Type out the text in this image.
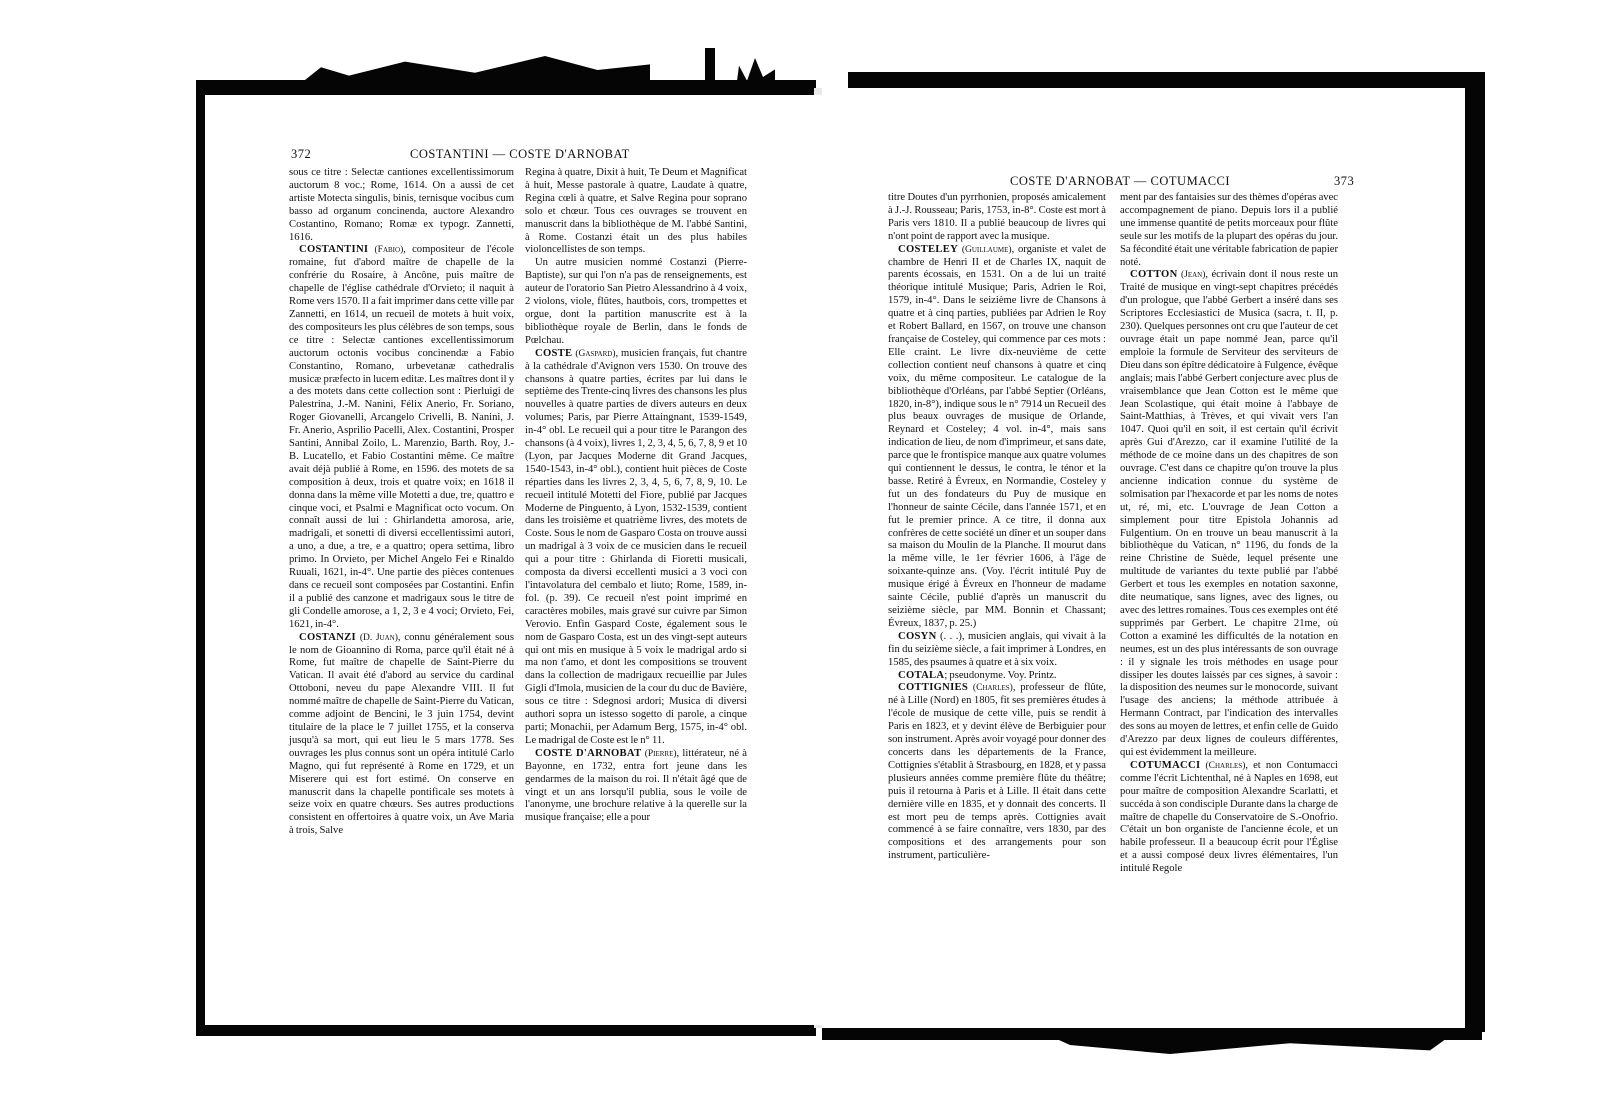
372	COSTANTINI — COSTE D'ARNOBAT

sous ce titre : Selectæ cantiones excellentissimorum auctorum 8 voc.; Rome, 1614. On a aussi de cet artiste Motecta singulis, binis, ternisque vocibus cum basso ad organum concinenda, auctore Alexandro Costantino, Romano; Romæ ex typogr. Zannetti, 1616.

COSTANTINI (Fabio), compositeur de l'école romaine, fut d'abord maître de chapelle de la confrérie du Rosaire, à Ancône, puis maître de chapelle de l'église cathédrale d'Orvieto; il naquit à Rome vers 1570. Il a fait imprimer dans cette ville par Zannetti, en 1614, un recueil de motets à huit voix, des compositeurs les plus célèbres de son temps, sous ce titre : Selectæ cantiones excellentissimorum auctorum octonis vocibus concinendæ a Fabio Constantino, Romano, urbevetanæ cathedralis musicæ præfecto in lucem editæ. Les maîtres dont il y a des motets dans cette collection sont : Pierluigi de Palestrina, J.-M. Nanini, Félix Anerio, Fr. Soriano, Roger Giovanelli, Arcangelo Crivelli, B. Nanini, J. Fr. Anerio, Asprilio Pacelli, Alex. Costantini, Prosper Santini, Annibal Zoilo, L. Marenzio, Barth. Roy, J.-B. Lucatello, et Fabio Costantini même. Ce maître avait déjà publié à Rome, en 1596. des motets de sa composition à deux, trois et quatre voix; en 1618 il donna dans la même ville Motetti a due, tre, quattro e cinque voci, et Psalmi e Magnificat octo vocum. On connaît aussi de lui : Ghirlandetta amorosa, arie, madrigali, et sonetti di diversi eccellentissimi autori, a uno, a due, a tre, e a quattro; opera settima, libro primo. In Orvieto, per Michel Angelo Fei e Rinaldo Ruuali, 1621, in-4°. Une partie des pièces contenues dans ce recueil sont composées par Costantini. Enfin il a publié des canzone et madrigaux sous le titre de gli Condelle amorose, a 1, 2, 3 e 4 voci; Orvieto, Fei, 1621, in-4°.

COSTANZI (D. Juan), connu généralement sous le nom de Gioannino di Roma, parce qu'il était né à Rome, fut maître de chapelle de Saint-Pierre du Vatican. Il avait été d'abord au service du cardinal Ottoboni, neveu du pape Alexandre VIII. Il fut nommé maître de chapelle de Saint-Pierre du Vatican, comme adjoint de Bencini, le 3 juin 1754, devint titulaire de la place le 7 juillet 1755, et la conserva jusqu'à sa mort, qui eut lieu le 5 mars 1778. Ses ouvrages les plus connus sont un opéra intitulé Carlo Magno, qui fut représenté à Rome en 1729, et un Miserere qui est fort estimé. On conserve en manuscrit dans la chapelle pontificale ses motets à seize voix en quatre chœurs. Ses autres productions consistent en offertoires à quatre voix, un Ave Maria à trois, Salve

Regina à quatre, Dixit à huit, Te Deum et Magnificat à huit, Messe pastorale à quatre, Laudate à quatre, Regina cœli à quatre, et Salve Regina pour soprano solo et chœur. Tous ces ouvrages se trouvent en manuscrit dans la bibliothèque de M. l'abbé Santini, à Rome. Costanzi était un des plus habiles violoncellistes de son temps.

Un autre musicien nommé Costanzi (Pierre-Baptiste), sur qui l'on n'a pas de renseignements, est auteur de l'oratorio San Pietro Alessandrino à 4 voix, 2 violons, viole, flûtes, hautbois, cors, trompettes et orgue, dont la partition manuscrite est à la bibliothèque royale de Berlin, dans le fonds de Pœlchau.

COSTE (Gaspard), musicien français, fut chantre à la cathédrale d'Avignon vers 1530. On trouve des chansons à quatre parties, écrites par lui dans le septième des Trente-cinq livres des chansons les plus nouvelles à quatre parties de divers auteurs en deux volumes; Paris, par Pierre Attaingnant, 1539-1549, in-4° obl. Le recueil qui a pour titre le Parangon des chansons (à 4 voix), livres 1, 2, 3, 4, 5, 6, 7, 8, 9 et 10 (Lyon, par Jacques Moderne dit Grand Jacques, 1540-1543, in-4° obl.), contient huit pièces de Coste réparties dans les livres 2, 3, 4, 5, 6, 7, 8, 9, 10. Le recueil intitulé Motetti del Fiore, publié par Jacques Moderne de Pinguento, à Lyon, 1532-1539, contient dans les troisième et quatrième livres, des motets de Coste. Sous le nom de Gasparo Costa on trouve aussi un madrigal à 3 voix de ce musicien dans le recueil qui a pour titre : Ghirlanda di Fioretti musicali, composta da diversi eccellenti musici a 3 voci con l'intavolatura del cembalo et liuto; Rome, 1589, in-fol. (p. 39). Ce recueil n'est point imprimé en caractères mobiles, mais gravé sur cuivre par Simon Verovio. Enfin Gaspard Coste, également sous le nom de Gasparo Costa, est un des vingt-sept auteurs qui ont mis en musique à 5 voix le madrigal ardo si ma non t'amo, et dont les compositions se trouvent dans la collection de madrigaux recueillie par Jules Gigli d'Imola, musicien de la cour du duc de Bavière, sous ce titre : Sdegnosi ardori; Musica di diversi authori sopra un istesso sogetto di parole, a cinque parti; Monachii, per Adamum Berg, 1575, in-4° obl. Le madrigal de Coste est le n° 11.

COSTE D'ARNOBAT (Pierre), littérateur, né à Bayonne, en 1732, entra fort jeune dans les gendarmes de la maison du roi. Il n'était âgé que de vingt et un ans lorsqu'il publia, sous le voile de l'anonyme, une brochure relative à la querelle sur la musique française; elle a pour

COSTE D'ARNOBAT — COTUMACCI	373

titre Doutes d'un pyrrhonien, proposés amicalement à J.-J. Rousseau; Paris, 1753, in-8°. Coste est mort à Paris vers 1810. Il a publié beaucoup de livres qui n'ont point de rapport avec la musique.

COSTELEY (Guillaume), organiste et valet de chambre de Henri II et de Charles IX, naquit de parents écossais, en 1531. On a de lui un traité théorique intitulé Musique; Paris, Adrien le Roi, 1579, in-4°. Dans le seizième livre de Chansons à quatre et à cinq parties, publiées par Adrien le Roy et Robert Ballard, en 1567, on trouve une chanson française de Costeley, qui commence par ces mots : Elle craint. Le livre dix-neuvième de cette collection contient neuf chansons à quatre et cinq voix, du même compositeur. Le catalogue de la bibliothèque d'Orléans, par l'abbé Septier (Orléans, 1820, in-8°), indique sous le n° 7914 un Recueil des plus beaux ouvrages de musique de Orlande, Reynard et Costeley; 4 vol. in-4°, mais sans indication de lieu, de nom d'imprimeur, et sans date, parce que le frontispice manque aux quatre volumes qui contiennent le dessus, le contra, le ténor et la basse. Retiré à Évreux, en Normandie, Costeley y fut un des fondateurs du Puy de musique en l'honneur de sainte Cécile, dans l'année 1571, et en fut le premier prince. A ce titre, il donna aux confrères de cette société un dîner et un souper dans sa maison du Moulin de la Planche. Il mourut dans la même ville, le 1er février 1606, à l'âge de soixante-quinze ans. (Voy. l'écrit intitulé Puy de musique érigé à Évreux en l'honneur de madame sainte Cécile, publié d'après un manuscrit du seizième siècle, par MM. Bonnin et Chassant; Évreux, 1837, p. 25.)

COSYN (. . .), musicien anglais, qui vivait à la fin du seizième siècle, a fait imprimer à Londres, en 1585, des psaumes à quatre et à six voix.

COTALA; pseudonyme. Voy. Printz.

COTTIGNIES (Charles), professeur de flûte, né à Lille (Nord) en 1805, fit ses premières études à l'école de musique de cette ville, puis se rendit à Paris en 1823, et y devint élève de Berbiguier pour son instrument. Après avoir voyagé pour donner des concerts dans les départements de la France, Cottignies s'établit à Strasbourg, en 1828, et y passa plusieurs années comme première flûte du théâtre; puis il retourna à Paris et à Lille. Il était dans cette dernière ville en 1835, et y donnait des concerts. Il est mort peu de temps après. Cottignies avait commencé à se faire connaître, vers 1830, par des compositions et des arrangements pour son instrument, particulière-

ment par des fantaisies sur des thèmes d'opéras avec accompagnement de piano. Depuis lors il a publié une immense quantité de petits morceaux pour flûte seule sur les motifs de la plupart des opéras du jour. Sa fécondité était une véritable fabrication de papier noté.

COTTON (Jean), écrivain dont il nous reste un Traité de musique en vingt-sept chapitres précédés d'un prologue, que l'abbé Gerbert a inséré dans ses Scriptores Ecclesiastici de Musica (sacra, t. II, p. 230). Quelques personnes ont cru que l'auteur de cet ouvrage était un pape nommé Jean, parce qu'il emploie la formule de Serviteur des serviteurs de Dieu dans son épître dédicatoire à Fulgence, évêque anglais; mais l'abbé Gerbert conjecture avec plus de vraisemblance que Jean Cotton est le même que Jean Scolastique, qui était moine à l'abbaye de Saint-Matthias, à Trèves, et qui vivait vers l'an 1047. Quoi qu'il en soit, il est certain qu'il écrivit après Gui d'Arezzo, car il examine l'utilité de la méthode de ce moine dans un des chapitres de son ouvrage. C'est dans ce chapitre qu'on trouve la plus ancienne indication connue du système de solmisation par l'hexacorde et par les noms de notes ut, ré, mi, etc. L'ouvrage de Jean Cotton a simplement pour titre Epistola Johannis ad Fulgentium. On en trouve un beau manuscrit à la bibliothèque du Vatican, n° 1196, du fonds de la reine Christine de Suède, lequel présente une multitude de variantes du texte publié par l'abbé Gerbert et tous les exemples en notation saxonne, dite neumatique, sans lignes, avec des lignes, ou avec des lettres romaines. Tous ces exemples ont été supprimés par Gerbert. Le chapitre 21me, où Cotton a examiné les difficultés de la notation en neumes, est un des plus intéressants de son ouvrage : il y signale les trois méthodes en usage pour dissiper les doutes laissés par ces signes, à savoir : la disposition des neumes sur le monocorde, suivant l'usage des anciens; la méthode attribuée à Hermann Contract, par l'indication des intervalles des sons au moyen de lettres, et enfin celle de Guido d'Arezzo par deux lignes de couleurs différentes, qui est évidemment la meilleure.

COTUMACCI (Charles), et non Contumacci comme l'écrit Lichtenthal, né à Naples en 1698, eut pour maître de composition Alexandre Scarlatti, et succéda à son condisciple Durante dans la charge de maître de chapelle du Conservatoire de S.-Onofrio. C'était un bon organiste de l'ancienne école, et un habile professeur. Il a beaucoup écrit pour l'Église et a aussi composé deux livres élémentaires, l'un intitulé Regole
